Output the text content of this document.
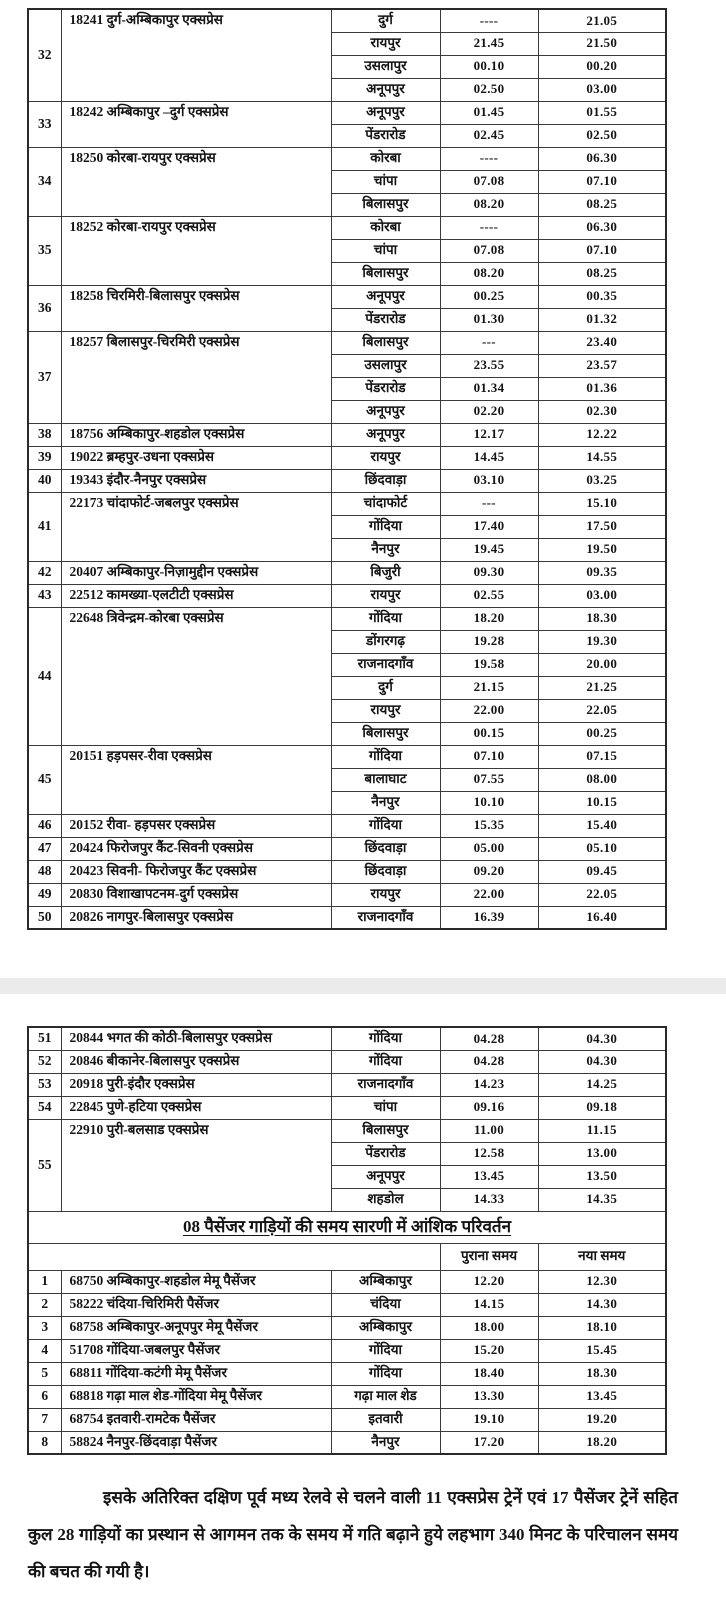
32	18241 दुर्ग-अम्बिकापुर एक्सप्रेस	दुर्ग	----	21.05
		रायपुर	21.45	21.50
		उसलापुर	00.10	00.20
		अनूपपुर	02.50	03.00
33	18242 अम्बिकापुर –दुर्ग एक्सप्रेस	अनूपपुर	01.45	01.55
		पेंडरारोड	02.45	02.50
34	18250 कोरबा-रायपुर एक्सप्रेस	कोरबा	----	06.30
		चांपा	07.08	07.10
		बिलासपुर	08.20	08.25
35	18252 कोरबा-रायपुर एक्सप्रेस	कोरबा	----	06.30
		चांपा	07.08	07.10
		बिलासपुर	08.20	08.25
36	18258 चिरमिरी-बिलासपुर एक्सप्रेस	अनूपपुर	00.25	00.35
		पेंडरारोड	01.30	01.32
37	18257 बिलासपुर-चिरमिरी एक्सप्रेस	बिलासपुर	---	23.40
		उसलापुर	23.55	23.57
		पेंडरारोड	01.34	01.36
		अनूपपुर	02.20	02.30
38	18756 अम्बिकापुर-शहडोल एक्सप्रेस	अनूपपुर	12.17	12.22
39	19022 ब्रम्हपुर-उधना एक्सप्रेस	रायपुर	14.45	14.55
40	19343 इंदौर-नैनपुर एक्सप्रेस	छिंदवाड़ा	03.10	03.25
41	22173 चांदाफोर्ट-जबलपुर एक्सप्रेस	चांदाफोर्ट	---	15.10
		गोंदिया	17.40	17.50
		नैनपुर	19.45	19.50
42	20407 अम्बिकापुर-निज़ामुद्दीन एक्सप्रेस	बिजुरी	09.30	09.35
43	22512 कामख्या-एलटीटी एक्सप्रेस	रायपुर	02.55	03.00
44	22648 त्रिवेन्द्रम-कोरबा एक्सप्रेस	गोंदिया	18.20	18.30
		डोंगरगढ़	19.28	19.30
		राजनादगाँव	19.58	20.00
		दुर्ग	21.15	21.25
		रायपुर	22.00	22.05
		बिलासपुर	00.15	00.25
45	20151 हड़पसर-रीवा एक्सप्रेस	गोंदिया	07.10	07.15
		बालाघाट	07.55	08.00
		नैनपुर	10.10	10.15
46	20152 रीवा- हड़पसर एक्सप्रेस	गोंदिया	15.35	15.40
47	20424 फिरोजपुर कैंट-सिवनी एक्सप्रेस	छिंदवाड़ा	05.00	05.10
48	20423 सिवनी- फिरोजपुर कैंट एक्सप्रेस	छिंदवाड़ा	09.20	09.45
49	20830 विशाखापटनम-दुर्ग एक्सप्रेस	रायपुर	22.00	22.05
50	20826 नागपुर-बिलासपुर एक्सप्रेस	राजनादगाँव	16.39	16.40
51	20844 भगत की कोठी-बिलासपुर एक्सप्रेस	गोंदिया	04.28	04.30
52	20846 बीकानेर-बिलासपुर एक्सप्रेस	गोंदिया	04.28	04.30
53	20918 पुरी-इंदौर एक्सप्रेस	राजनादगाँव	14.23	14.25
54	22845 पुणे-हटिया एक्सप्रेस	चांपा	09.16	09.18
55	22910 पुरी-बलसाड एक्सप्रेस	बिलासपुर	11.00	11.15
		पेंडरारोड	12.58	13.00
		अनूपपुर	13.45	13.50
		शहडोल	14.33	14.35
08 पैसेंजर गाड़ियों की समय सारणी में आंशिक परिवर्तन				
			पुराना समय	नया समय
1	68750 अम्बिकापुर-शहडोल मेमू पैसेंजर	अम्बिकापुर	12.20	12.30
2	58222 चंदिया-चिरिमिरी पैसेंजर	चंदिया	14.15	14.30
3	68758 अम्बिकापुर-अनूपपुर मेमू पैसेंजर	अम्बिकापुर	18.00	18.10
4	51708 गोंदिया-जबलपुर पैसेंजर	गोंदिया	15.20	15.45
5	68811 गोंदिया-कटंगी मेमू पैसेंजर	गोंदिया	18.40	18.30
6	68818 गढ़ा माल शेड-गोंदिया मेमू पैसेंजर	गढ़ा माल शेड	13.30	13.45
7	68754 इतवारी-रामटेक पैसेंजर	इतवारी	19.10	19.20
8	58824 नैनपुर-छिंदवाड़ा पैसेंजर	नैनपुर	17.20	18.20

इसके अतिरिक्त दक्षिण पूर्व मध्य रेलवे से चलने वाली 11 एक्सप्रेस ट्रेनें एवं 17 पैसेंजर ट्रेनें सहित कुल 28 गाड़ियों का प्रस्थान से आगमन तक के समय में गति बढ़ाने हुये लहभाग 340 मिनट के परिचालन समय की बचत की गयी है।
